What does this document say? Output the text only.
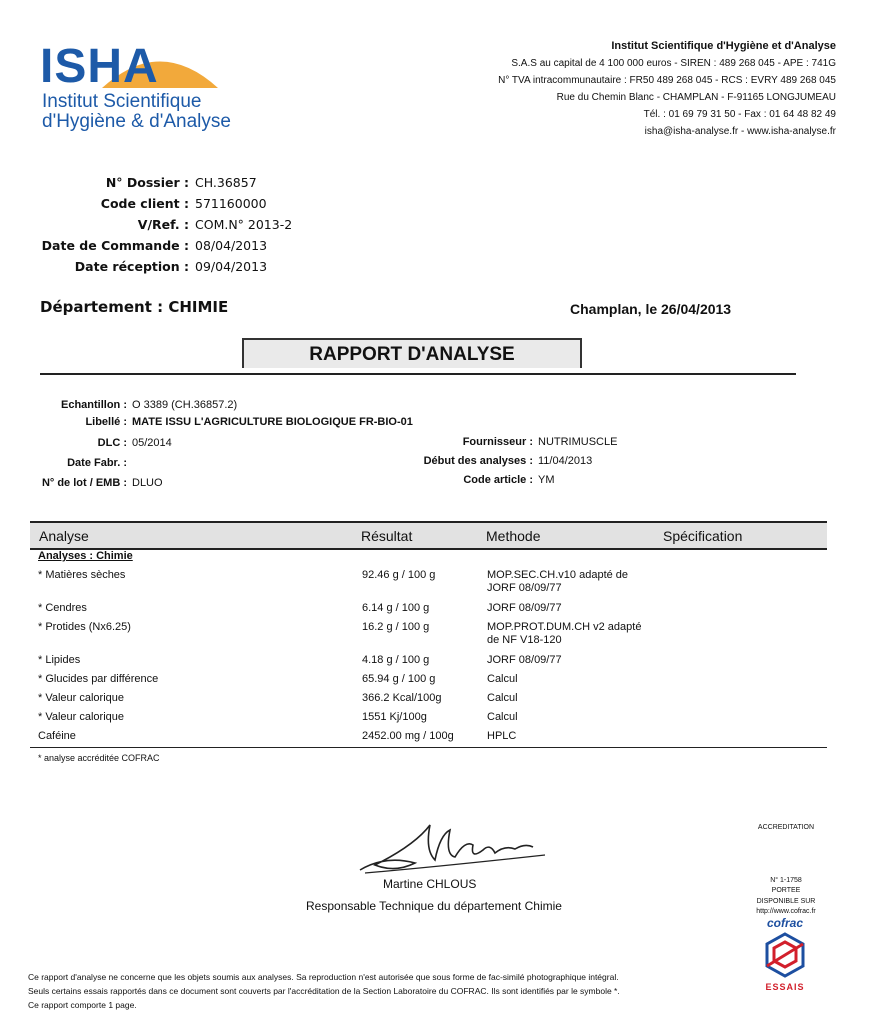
ISHA
Institut Scientifique
d'Hygiène & d'Analyse
Institut Scientifique d'Hygiène et d'Analyse
S.A.S au capital de 4 100 000 euros - SIREN : 489 268 045 - APE : 741G
N° TVA intracommunautaire : FR50 489 268 045 - RCS : EVRY 489 268 045
Rue du Chemin Blanc - CHAMPLAN - F-91165 LONGJUMEAU
Tél. : 01 69 79 31 50 - Fax : 01 64 48 82 49
isha@isha-analyse.fr - www.isha-analyse.fr
N° Dossier : CH.36857
Code client : 571160000
V/Ref. : COM.N° 2013-2
Date de Commande : 08/04/2013
Date réception : 09/04/2013
Département : CHIMIE	Champlan, le 26/04/2013
RAPPORT D'ANALYSE
Echantillon : O 3389 (CH.36857.2)
Libellé : MATE ISSU L'AGRICULTURE BIOLOGIQUE FR-BIO-01
DLC : 05/2014
Date Fabr. :
N° de lot / EMB : DLUO
Fournisseur : NUTRIMUSCLE
Début des analyses : 11/04/2013
Code article : YM
Analyse	Résultat	Methode	Spécification
Analyses : Chimie
* Matières sèches	92.46 g / 100 g	MOP.SEC.CH.v10 adapté de
JORF 08/09/77
* Cendres	6.14 g / 100 g	JORF 08/09/77
* Protides (Nx6.25)	16.2 g / 100 g	MOP.PROT.DUM.CH v2 adapté
de NF V18-120
* Lipides	4.18 g / 100 g	JORF 08/09/77
* Glucides par différence	65.94 g / 100 g	Calcul
* Valeur calorique	366.2 Kcal/100g	Calcul
* Valeur calorique	1551 Kj/100g	Calcul
Caféine	2452.00 mg / 100g	HPLC
* analyse accréditée COFRAC
Martine CHLOUS
Responsable Technique du département Chimie
ACCREDITATION
N° 1-1758
PORTEE
DISPONIBLE SUR
http://www.cofrac.fr
cofrac
ESSAIS
Ce rapport d'analyse ne concerne que les objets soumis aux analyses. Sa reproduction n'est autorisée que sous forme de fac-similé photographique intégral.
Seuls certains essais rapportés dans ce document sont couverts par l'accréditation de la Section Laboratoire du COFRAC. Ils sont identifiés par le symbole *.
Ce rapport comporte 1 page.
